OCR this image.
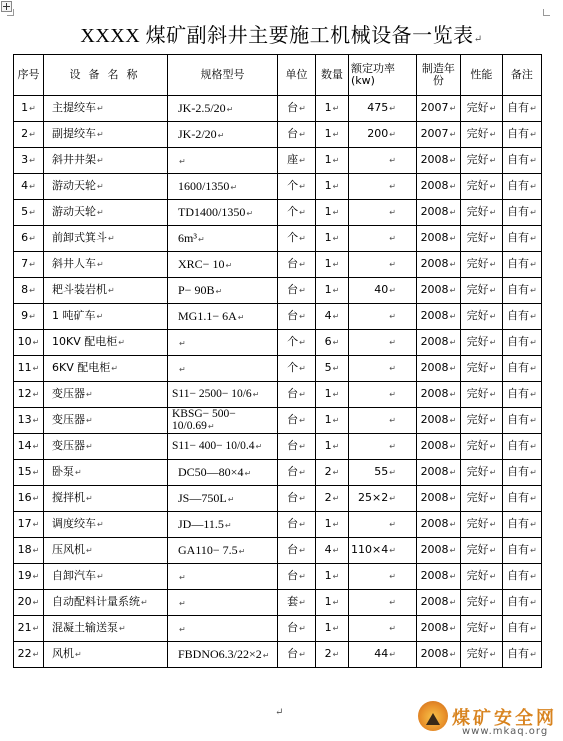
XXXX 煤矿副斜井主要施工机械设备一览表↵
序号	设备名称	规格型号	单位	数量	额定功率(kw)	制造年份	性能	备注
1↵	主提绞车↵	JK-2.5/20↵	台↵	1↵	475↵	2007↵	完好↵	自有↵
2↵	副提绞车↵	JK-2/20↵	台↵	1↵	200↵	2007↵	完好↵	自有↵
3↵	斜井井架↵	↵	座↵	1↵	↵	2008↵	完好↵	自有↵
4↵	游动天轮↵	1600/1350↵	个↵	1↵	↵	2008↵	完好↵	自有↵
5↵	游动天轮↵	TD1400/1350↵	个↵	1↵	↵	2008↵	完好↵	自有↵
6↵	前卸式箕斗↵	6m³↵	个↵	1↵	↵	2008↵	完好↵	自有↵
7↵	斜井人车↵	XRC− 10↵	台↵	1↵	↵	2008↵	完好↵	自有↵
8↵	耙斗装岩机↵	P− 90B↵	台↵	1↵	40↵	2008↵	完好↵	自有↵
9↵	1 吨矿车↵	MG1.1− 6A↵	台↵	4↵	↵	2008↵	完好↵	自有↵
10↵	10KV 配电柜↵	↵	个↵	6↵	↵	2008↵	完好↵	自有↵
11↵	6KV 配电柜↵	↵	个↵	5↵	↵	2008↵	完好↵	自有↵
12↵	变压器↵	S11− 2500− 10/6↵	台↵	1↵	↵	2008↵	完好↵	自有↵
13↵	变压器↵	KBSG− 500− 10/0.69↵	台↵	1↵	↵	2008↵	完好↵	自有↵
14↵	变压器↵	S11− 400− 10/0.4↵	台↵	1↵	↵	2008↵	完好↵	自有↵
15↵	卧泵↵	DC50—80×4↵	台↵	2↵	55↵	2008↵	完好↵	自有↵
16↵	搅拌机↵	JS—750L↵	台↵	2↵	25×2↵	2008↵	完好↵	自有↵
17↵	调度绞车↵	JD—11.5↵	台↵	1↵	↵	2008↵	完好↵	自有↵
18↵	压风机↵	GA110− 7.5↵	台↵	4↵	110×4↵	2008↵	完好↵	自有↵
19↵	自卸汽车↵	↵	台↵	1↵	↵	2008↵	完好↵	自有↵
20↵	自动配料计量系统↵	↵	套↵	1↵	↵	2008↵	完好↵	自有↵
21↵	混凝土输送泵↵	↵	台↵	1↵	↵	2008↵	完好↵	自有↵
22↵	风机↵	FBDNO6.3/22×2↵	台↵	2↵	44↵	2008↵	完好↵	自有↵
↵	煤矿安全网
www.mkaq.org
